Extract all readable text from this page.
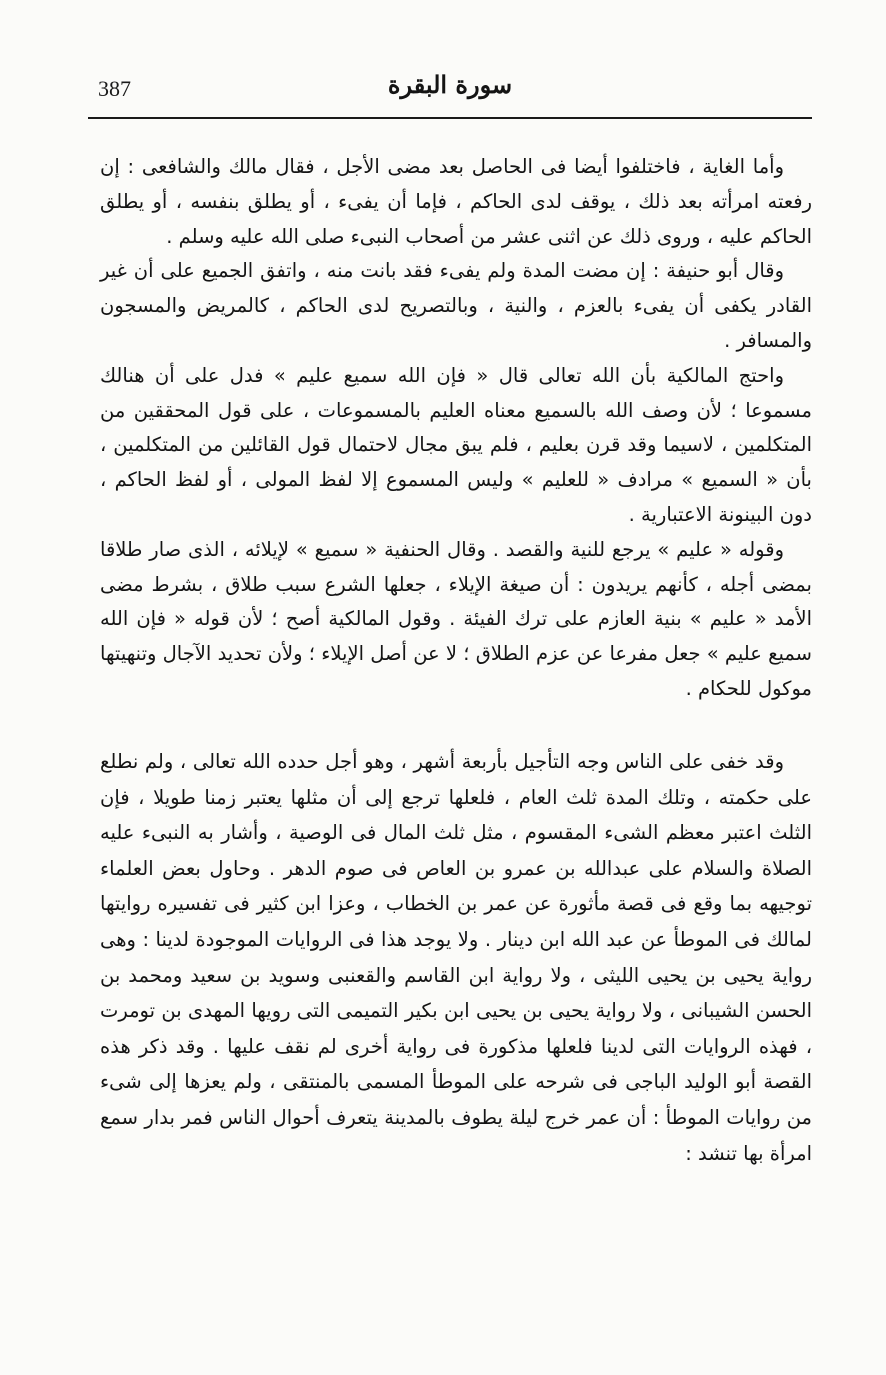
387	سورة البقرة

وأما الغاية ، فاختلفوا أيضا فى الحاصل بعد مضى الأجل ، فقال مالك والشافعى : إن رفعته امرأته بعد ذلك ، يوقف لدى الحاكم ، فإما أن يفىء ، أو يطلق بنفسه ، أو يطلق الحاكم عليه ، وروى ذلك عن اثنى عشر من أصحاب النبىء صلى الله عليه وسلم .

وقال أبو حنيفة : إن مضت المدة ولم يفىء فقد بانت منه ، واتفق الجميع على أن غير القادر يكفى أن يفىء بالعزم ، والنية ، وبالتصريح لدى الحاكم ، كالمريض والمسجون والمسافر .

واحتج المالكية بأن الله تعالى قال « فإن الله سميع عليم » فدل على أن هنالك مسموعا ؛ لأن وصف الله بالسميع معناه العليم بالمسموعات ، على قول المحققين من المتكلمين ، لاسيما وقد قرن بعليم ، فلم يبق مجال لاحتمال قول القائلين من المتكلمين ، بأن « السميع » مرادف « للعليم » وليس المسموع إلا لفظ المولى ، أو لفظ الحاكم ، دون البينونة الاعتبارية .

وقوله « عليم » يرجع للنية والقصد . وقال الحنفية « سميع » لإيلائه ، الذى صار طلاقا بمضى أجله ، كأنهم يريدون : أن صيغة الإيلاء ، جعلها الشرع سبب طلاق ، بشرط مضى الأمد « عليم » بنية العازم على ترك الفيئة . وقول المالكية أصح ؛ لأن قوله « فإن الله سميع عليم » جعل مفرعا عن عزم الطلاق ؛ لا عن أصل الإيلاء ؛ ولأن تحديد الآجال وتنهيتها موكول للحكام .

وقد خفى على الناس وجه التأجيل بأربعة أشهر ، وهو أجل حدده الله تعالى ، ولم نطلع على حكمته ، وتلك المدة ثلث العام ، فلعلها ترجع إلى أن مثلها يعتبر زمنا طويلا ، فإن الثلث اعتبر معظم الشىء المقسوم ، مثل ثلث المال فى الوصية ، وأشار به النبىء عليه الصلاة والسلام على عبدالله بن عمرو بن العاص فى صوم الدهر . وحاول بعض العلماء توجيهه بما وقع فى قصة مأثورة عن عمر بن الخطاب ، وعزا ابن كثير فى تفسيره روايتها لمالك فى الموطأ عن عبد الله ابن دينار . ولا يوجد هذا فى الروايات الموجودة لدينا : وهى رواية يحيى بن يحيى الليثى ، ولا رواية ابن القاسم والقعنبى وسويد بن سعيد ومحمد بن الحسن الشيبانى ، ولا رواية يحيى بن يحيى ابن بكير التميمى التى رويها المهدى بن تومرت ، فهذه الروايات التى لدينا فلعلها مذكورة فى رواية أخرى لم نقف عليها . وقد ذكر هذه القصة أبو الوليد الباجى فى شرحه على الموطأ المسمى بالمنتقى ، ولم يعزها إلى شىء من روايات الموطأ : أن عمر خرج ليلة يطوف بالمدينة يتعرف أحوال الناس فمر بدار سمع امرأة بها تنشد :
